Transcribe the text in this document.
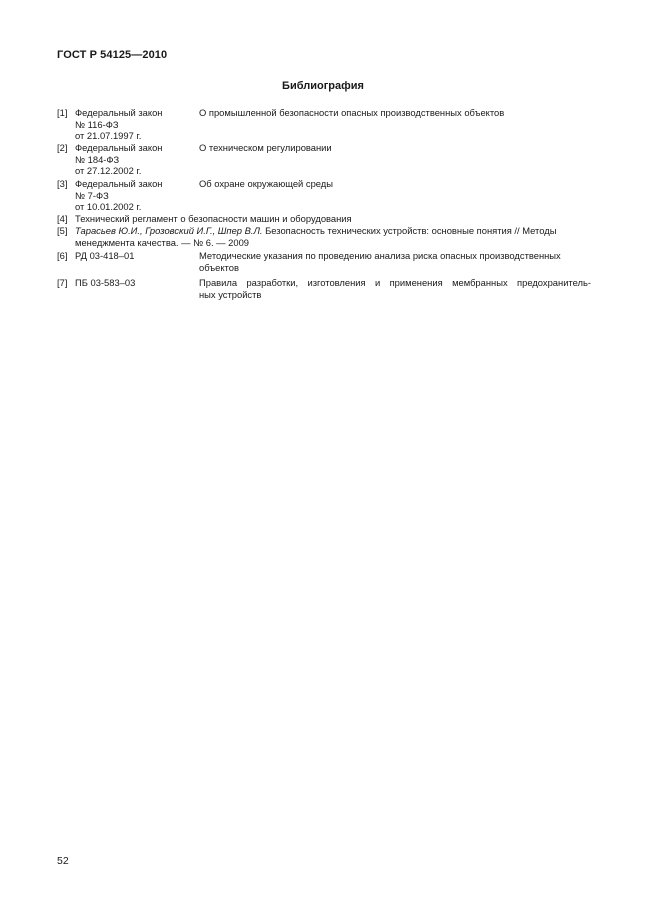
ГОСТ Р 54125—2010
Библиография
[1] Федеральный закон
№ 116-ФЗ
от 21.07.1997 г.
О промышленной безопасности опасных производственных объектов
[2] Федеральный закон
№ 184-ФЗ
от 27.12.2002 г.
О техническом регулировании
[3] Федеральный закон
№ 7-ФЗ
от 10.01.2002 г.
Об охране окружающей среды
[4] Технический регламент о безопасности машин и оборудования
[5] Тарасьев Ю.И., Грозовский И.Г., Шпер В.Л. Безопасность технических устройств: основные понятия // Методы
менеджмента качества. — № 6. — 2009
[6] РД 03-418–01	Методические указания по проведению анализа риска опасных производственных
объектов
[7] ПБ 03-583–03	Правила разработки, изготовления и применения мембранных предохранитель-
ных устройств
52
